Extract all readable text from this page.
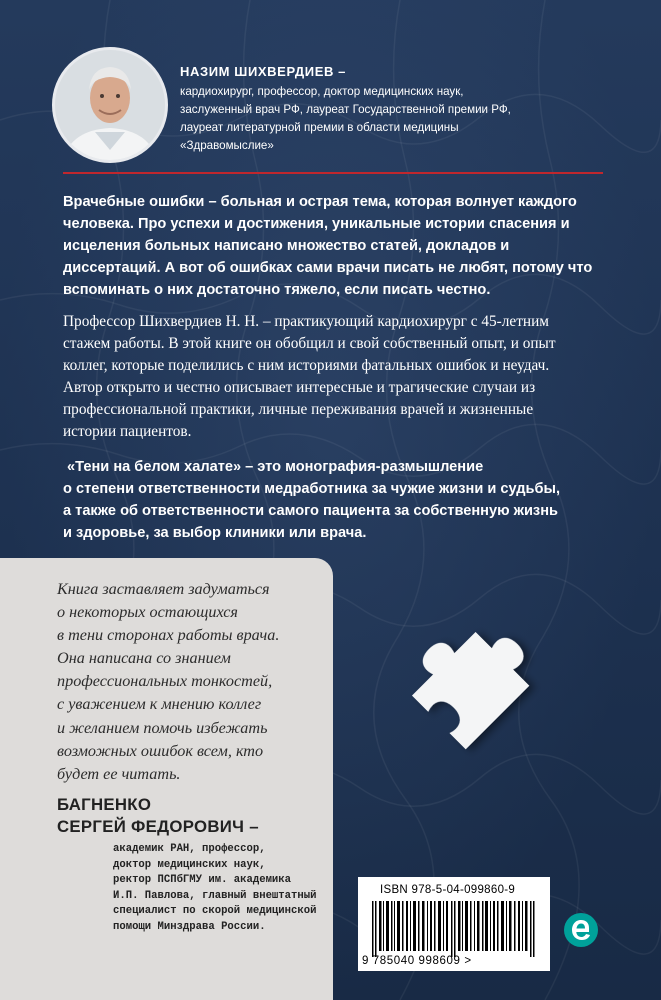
НАЗИМ ШИХВЕРДИЕВ –
кардиохирург, профессор, доктор медицинских наук,
заслуженный врач РФ, лауреат Государственной премии РФ,
лауреат литературной премии в области медицины
«Здравомыслие»
Врачебные ошибки – больная и острая тема, которая волнует каждого
человека. Про успехи и достижения, уникальные истории спасения и
исцеления больных написано множество статей, докладов и
диссертаций. А вот об ошибках сами врачи писать не любят, потому что
вспоминать о них достаточно тяжело, если писать честно.
Профессор Шихвердиев Н. Н. – практикующий кардиохирург с 45-летним
стажем работы. В этой книге он обобщил и свой собственный опыт, и опыт
коллег, которые поделились с ним историями фатальных ошибок и неудач.
Автор открыто и честно описывает интересные и трагические случаи из
профессиональной практики, личные переживания врачей и жизненные
истории пациентов.
«Тени на белом халате» – это монография-размышление
о степени ответственности медработника за чужие жизни и судьбы,
а также об ответственности самого пациента за собственную жизнь
и здоровье, за выбор клиники или врача.
Книга заставляет задуматься
о некоторых остающихся
в тени сторонах работы врача.
Она написана со знанием
профессиональных тонкостей,
с уважением к мнению коллег
и желанием помочь избежать
возможных ошибок всем, кто
будет ее читать.
БАГНЕНКО
СЕРГЕЙ ФЕДОРОВИЧ –
академик РАН, профессор,
доктор медицинских наук,
ректор ПСПбГМУ им. академика
И.П. Павлова, главный внештатный
специалист по скорой медицинской
помощи Минздрава России.
ISBN 978-5-04-099860-9
9 785040 998609 >
